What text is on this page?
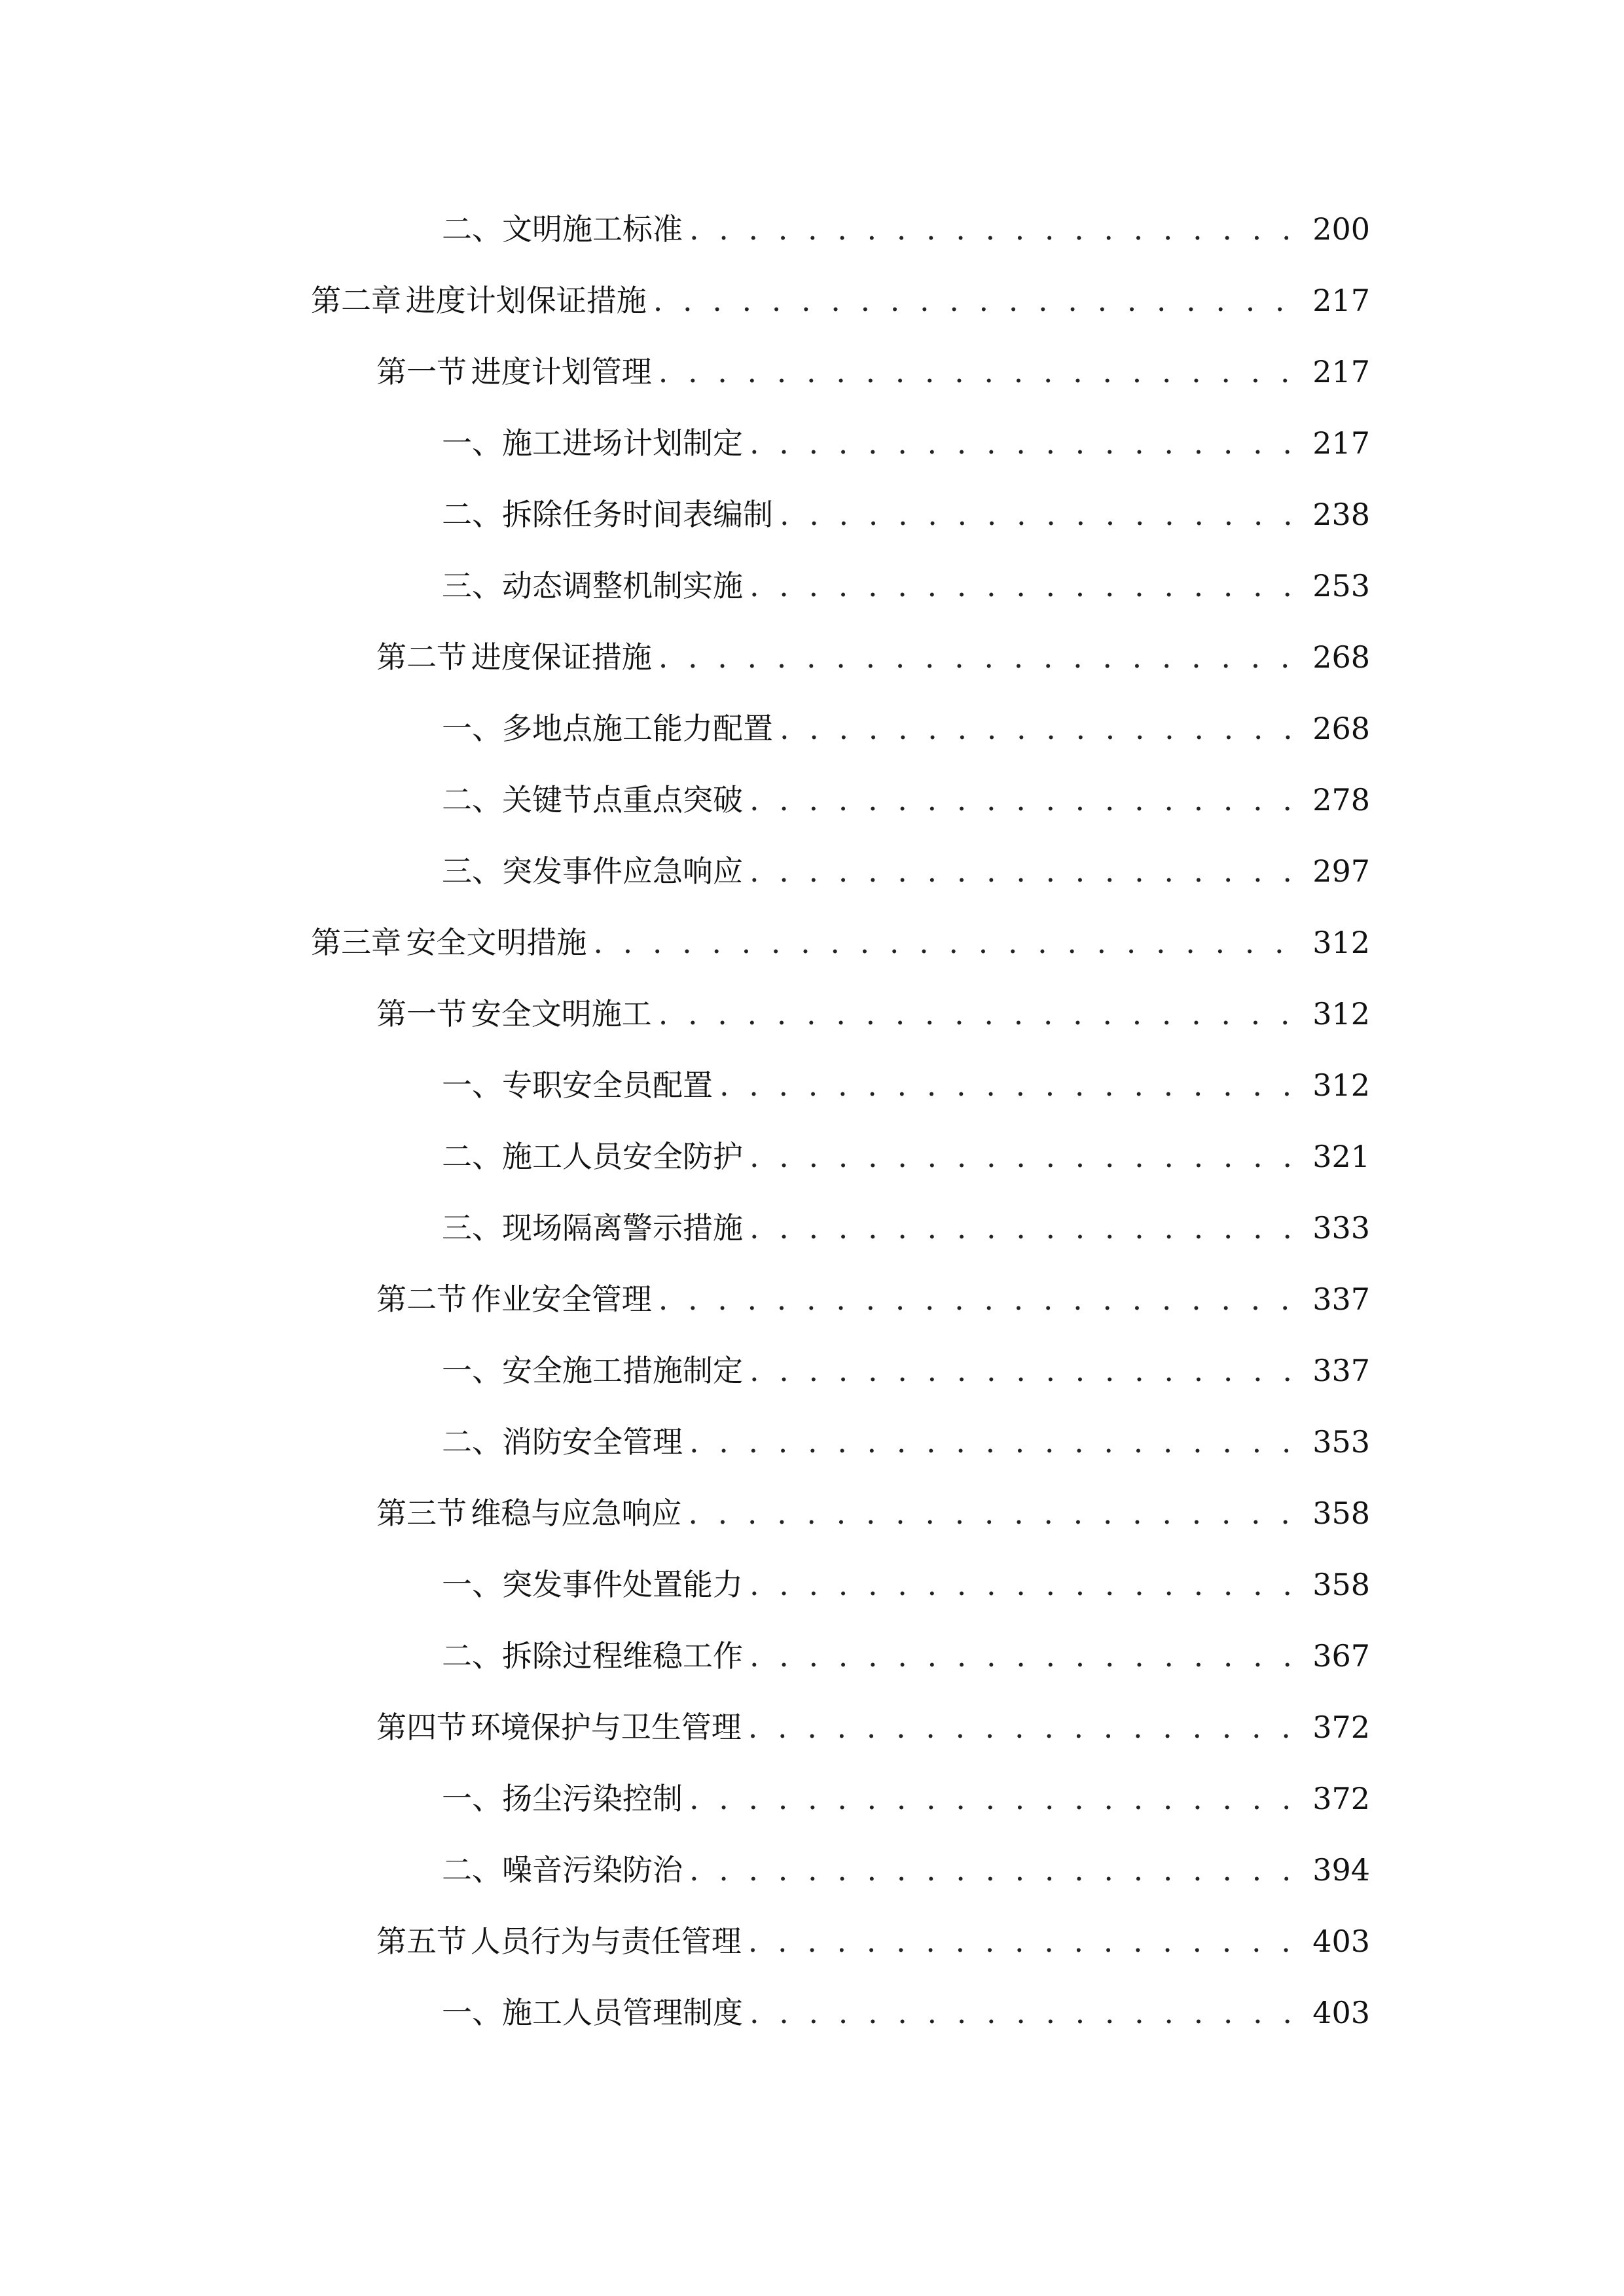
二、 文明施工标准 . . .	200
第二章 进度计划保证措施 . . .	217
第一节 进度计划管理 . . .	217
一、 施工进场计划制定 . . .	217
二、 拆除任务时间表编制 . . .	238
三、 动态调整机制实施 . . .	253
第二节 进度保证措施 . . .	268
一、 多地点施工能力配置 . . .	268
二、 关键节点重点突破 . . .	278
三、 突发事件应急响应 . . .	297
第三章 安全文明措施 . . .	312
第一节 安全文明施工 . . .	312
一、 专职安全员配置 . . .	312
二、 施工人员安全防护 . . .	321
三、 现场隔离警示措施 . . .	333
第二节 作业安全管理 . . .	337
一、 安全施工措施制定 . . .	337
二、 消防安全管理 . . .	353
第三节 维稳与应急响应 . . .	358
一、 突发事件处置能力 . . .	358
二、 拆除过程维稳工作 . . .	367
第四节 环境保护与卫生管理 . . .	372
一、 扬尘污染控制 . . .	372
二、 噪音污染防治 . . .	394
第五节 人员行为与责任管理 . . .	403
一、 施工人员管理制度 . . .	403
